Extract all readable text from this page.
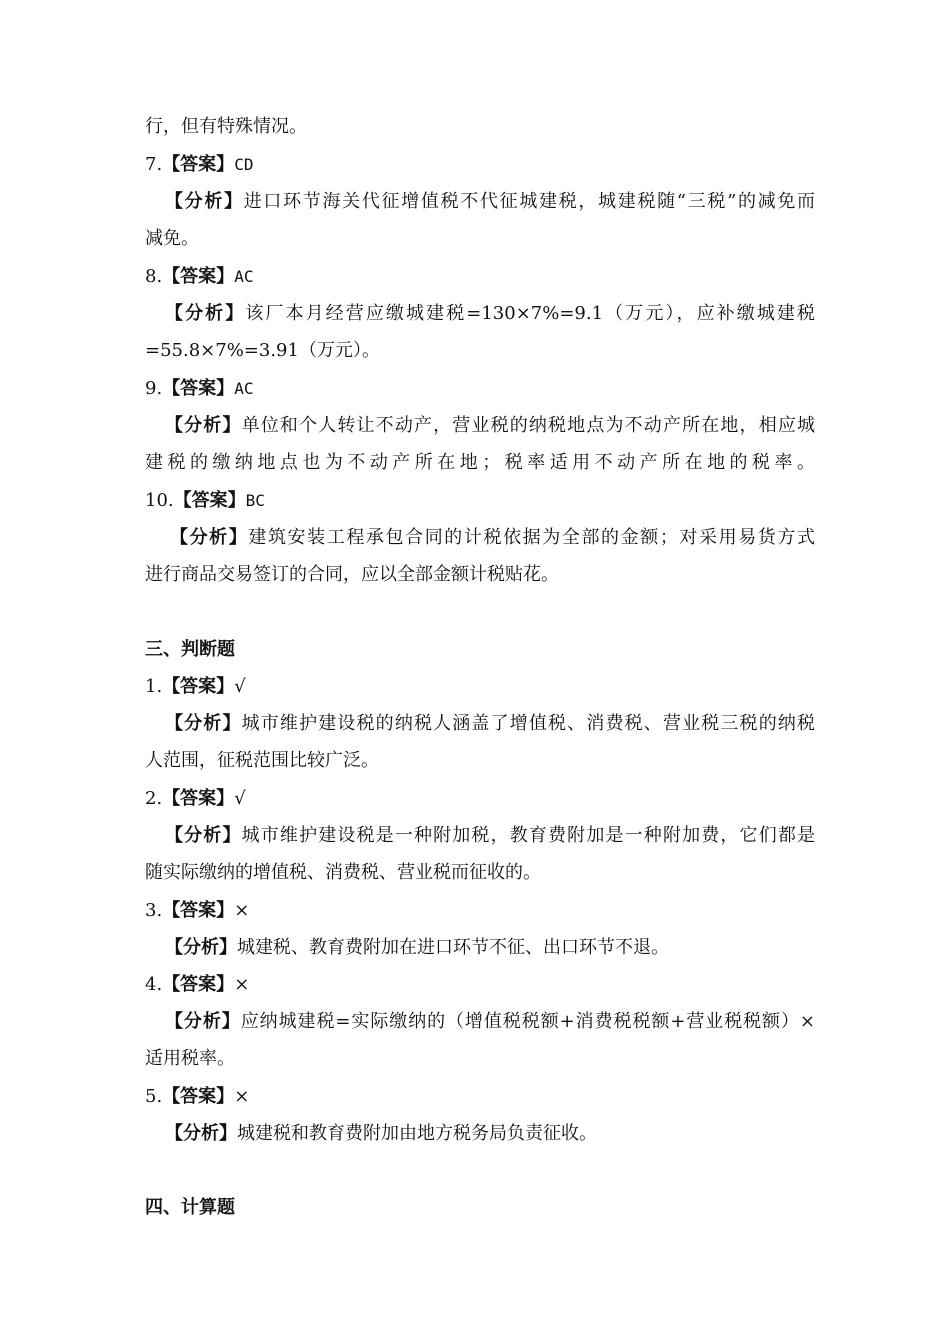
行，但有特殊情况。
7.【答案】CD
【分析】进口环节海关代征增值税不代征城建税，城建税随“三税”的减免而
减免。
8.【答案】AC
【分析】该厂本月经营应缴城建税=130×7%=9.1（万元），应补缴城建税
=55.8×7%=3.91（万元）。
9.【答案】AC
【分析】单位和个人转让不动产，营业税的纳税地点为不动产所在地，相应城
建税的缴纳地点也为不动产所在地；税率适用不动产所在地的税率。
10.【答案】BC
【分析】建筑安装工程承包合同的计税依据为全部的金额；对采用易货方式
进行商品交易签订的合同，应以全部金额计税贴花。
三、判断题
1.【答案】√
【分析】城市维护建设税的纳税人涵盖了增值税、消费税、营业税三税的纳税
人范围，征税范围比较广泛。
2.【答案】√
【分析】城市维护建设税是一种附加税，教育费附加是一种附加费，它们都是
随实际缴纳的增值税、消费税、营业税而征收的。
3.【答案】×
【分析】城建税、教育费附加在进口环节不征、出口环节不退。
4.【答案】×
【分析】应纳城建税=实际缴纳的（增值税税额+消费税税额+营业税税额）×
适用税率。
5.【答案】×
【分析】城建税和教育费附加由地方税务局负责征收。
四、计算题
